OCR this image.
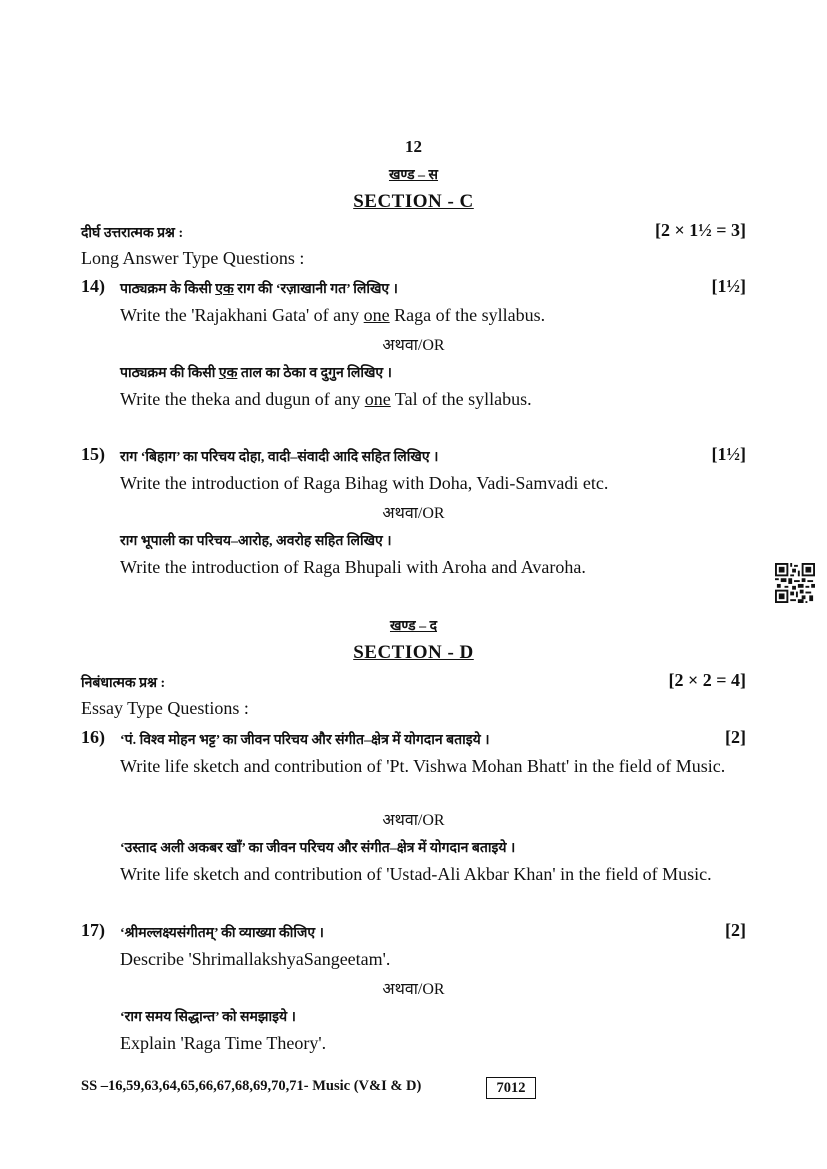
12
खण्ड – स
SECTION - C
दीर्घ उत्तरात्मक प्रश्न :	[2 × 1½ = 3]
Long Answer Type Questions :
14) पाठ्यक्रम के किसी एक राग की ‘रज़ाखानी गत’ लिखिए ।	[1½]
Write the 'Rajakhani Gata' of any one Raga of the syllabus.
अथवा/OR
पाठ्यक्रम की किसी एक ताल का ठेका व दुगुन लिखिए ।
Write the theka and dugun of any one Tal of the syllabus.
15) राग ‘बिहाग’ का परिचय दोहा, वादी–संवादी आदि सहित लिखिए ।	[1½]
Write the introduction of Raga Bihag with Doha, Vadi-Samvadi etc.
अथवा/OR
राग भूपाली का परिचय–आरोह, अवरोह सहित लिखिए ।
Write the introduction of Raga Bhupali with Aroha and Avaroha.
खण्ड – द
SECTION - D
निबंधात्मक प्रश्न :	[2 × 2 = 4]
Essay Type Questions :
16) ‘पं. विश्व मोहन भट्ट’ का जीवन परिचय और संगीत–क्षेत्र में योगदान बताइये ।	[2]
Write life sketch and contribution of 'Pt. Vishwa Mohan Bhatt' in the field of Music.
अथवा/OR
‘उस्ताद अली अकबर खाँ’ का जीवन परिचय और संगीत–क्षेत्र में योगदान बताइये ।
Write life sketch and contribution of 'Ustad-Ali Akbar Khan' in the field of Music.
17) ‘श्रीमल्लक्ष्यसंगीतम्’ की व्याख्या कीजिए ।	[2]
Describe 'ShrimallakshyaSangeetam'.
अथवा/OR
‘राग समय सिद्धान्त’ को समझाइये ।
Explain 'Raga Time Theory'.
SS –16,59,63,64,65,66,67,68,69,70,71- Music (V&I & D)	7012
